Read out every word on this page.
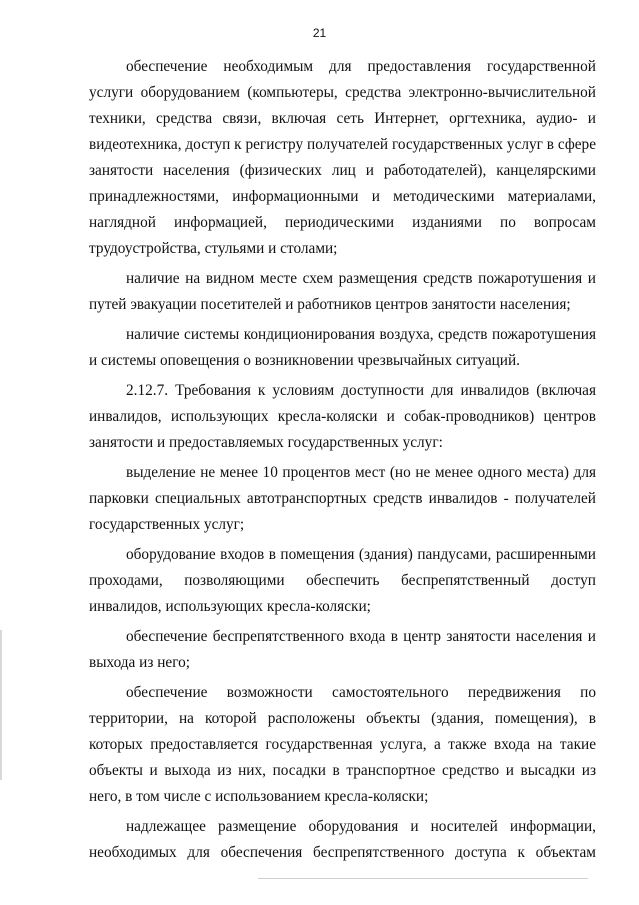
21
обеспечение необходимым для предоставления государственной
услуги оборудованием (компьютеры, средства электронно-вычислительной
техники, средства связи, включая сеть Интернет, оргтехника, аудио- и
видеотехника, доступ к регистру получателей государственных услуг в сфере
занятости населения (физических лиц и работодателей), канцелярскими
принадлежностями, информационными и методическими материалами,
наглядной информацией, периодическими изданиями по вопросам
трудоустройства, стульями и столами;
наличие на видном месте схем размещения средств пожаротушения и
путей эвакуации посетителей и работников центров занятости населения;
наличие системы кондиционирования воздуха, средств пожаротушения
и системы оповещения о возникновении чрезвычайных ситуаций.
2.12.7. Требования к условиям доступности для инвалидов (включая
инвалидов, использующих кресла-коляски и собак-проводников) центров
занятости и предоставляемых государственных услуг:
выделение не менее 10 процентов мест (но не менее одного места) для
парковки специальных автотранспортных средств инвалидов - получателей
государственных услуг;
оборудование входов в помещения (здания) пандусами, расширенными
проходами, позволяющими обеспечить беспрепятственный доступ
инвалидов, использующих кресла-коляски;
обеспечение беспрепятственного входа в центр занятости населения и
выхода из него;
обеспечение возможности самостоятельного передвижения по
территории, на которой расположены объекты (здания, помещения), в
которых предоставляется государственная услуга, а также входа на такие
объекты и выхода из них, посадки в транспортное средство и высадки из
него, в том числе с использованием кресла-коляски;
надлежащее размещение оборудования и носителей информации,
необходимых для обеспечения беспрепятственного доступа к объектам
